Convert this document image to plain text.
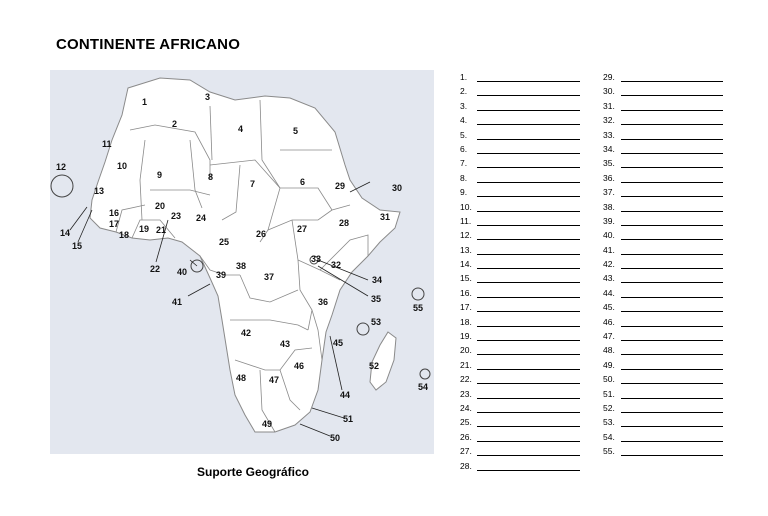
CONTINENTE AFRICANO
1
2
3
4	5
6
7
8
9
10
11
12
13
14
15
16
17
18
19
20
21
22
23 24
25
26	27
28
29	30
31
32
33
34
35
36
37
38
39
40
41
42
43
44
45
46
47
48
49
50
51
52
53
54
55
Suporte Geográfico
1.
2.
3.
4.
5.
6.
7.
8.
9.
10.
11.
12.
13.
14.
15.
16.
17.
18.
19.
20.
21.
22.
23.
24.
25.
26.
27.
28.
29.
30.
31.
32.
33.
34.
35.
36.
37.
38.
39.
40.
41.
42.
43.
44.
45.
46.
47.
48.
49.
50.
51.
52.
53.
54.
55.
